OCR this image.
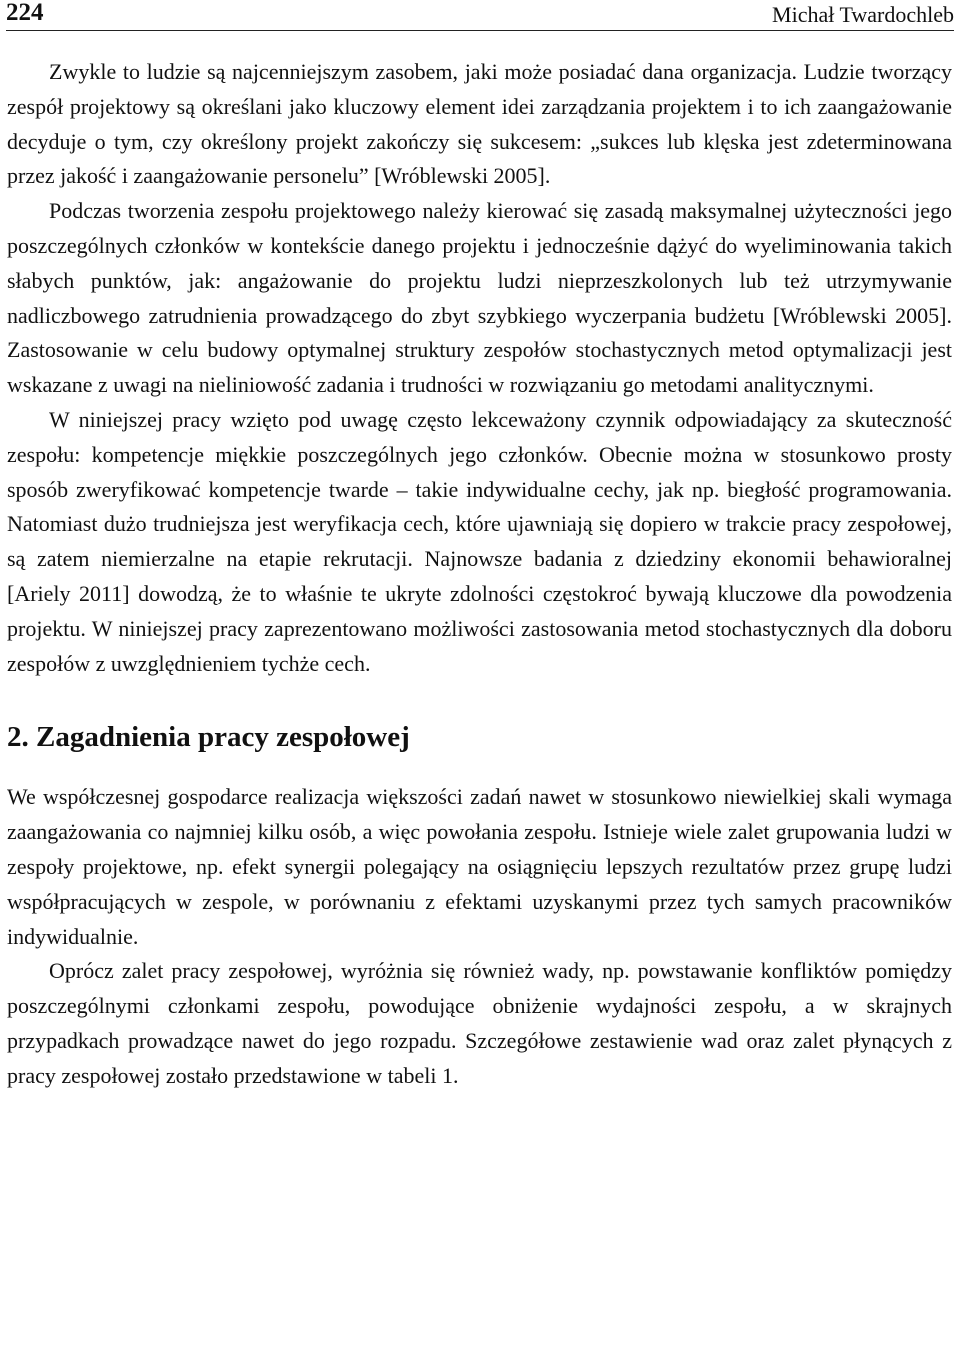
224	Michał Twardochleb

Zwykle to ludzie są najcenniejszym zasobem, jaki może posiadać dana organizacja. Ludzie tworzący zespół projektowy są określani jako kluczowy element idei zarządzania projektem i to ich zaangażowanie decyduje o tym, czy określony projekt zakończy się sukcesem: „sukces lub klęska jest zdeterminowana przez jakość i zaangażowanie personelu” [Wróblewski 2005].

Podczas tworzenia zespołu projektowego należy kierować się zasadą maksymalnej użyteczności jego poszczególnych członków w kontekście danego projektu i jednocześnie dążyć do wyeliminowania takich słabych punktów, jak: angażowanie do projektu ludzi nieprzeszkolonych lub też utrzymywanie nadliczbowego zatrudnienia prowadzącego do zbyt szybkiego wyczerpania budżetu [Wróblewski 2005]. Zastosowanie w celu budowy optymalnej struktury zespołów stochastycznych metod optymalizacji jest wskazane z uwagi na nieliniowość zadania i trudności w rozwiązaniu go metodami analitycznymi.

W niniejszej pracy wzięto pod uwagę często lekceważony czynnik odpowiadający za skuteczność zespołu: kompetencje miękkie poszczególnych jego członków. Obecnie można w stosunkowo prosty sposób zweryfikować kompetencje twarde – takie indywidualne cechy, jak np. biegłość programowania. Natomiast dużo trudniejsza jest weryfikacja cech, które ujawniają się dopiero w trakcie pracy zespołowej, są zatem niemierzalne na etapie rekrutacji. Najnowsze badania z dziedziny ekonomii behawioralnej [Ariely 2011] dowodzą, że to właśnie te ukryte zdolności częstokroć bywają kluczowe dla powodzenia projektu. W niniejszej pracy zaprezentowano możliwości zastosowania metod stochastycznych dla doboru zespołów z uwzględnieniem tychże cech.

2. Zagadnienia pracy zespołowej

We współczesnej gospodarce realizacja większości zadań nawet w stosunkowo niewielkiej skali wymaga zaangażowania co najmniej kilku osób, a więc powołania zespołu. Istnieje wiele zalet grupowania ludzi w zespoły projektowe, np. efekt synergii polegający na osiągnięciu lepszych rezultatów przez grupę ludzi współpracujących w zespole, w porównaniu z efektami uzyskanymi przez tych samych pracowników indywidualnie.

Oprócz zalet pracy zespołowej, wyróżnia się również wady, np. powstawanie konfliktów pomiędzy poszczególnymi członkami zespołu, powodujące obniżenie wydajności zespołu, a w skrajnych przypadkach prowadzące nawet do jego rozpadu. Szczegółowe zestawienie wad oraz zalet płynących z pracy zespołowej zostało przedstawione w tabeli 1.
